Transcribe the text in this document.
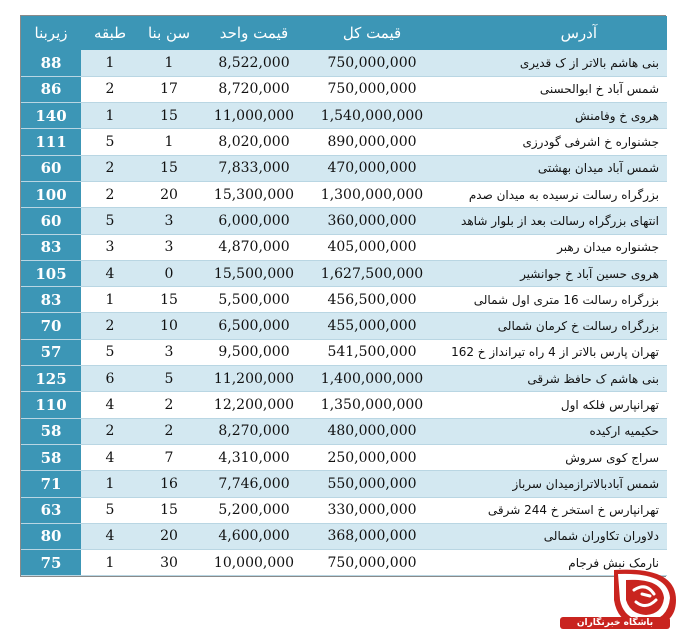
زیربنا	طبقه	سن بنا	قیمت واحد	قیمت کل	آدرس
88	1	1	8,522,000	750,000,000	بنی هاشم بالاتر از ک قدیری
86	2	17	8,720,000	750,000,000	شمس آباد خ ابوالحسنی
140	1	15	11,000,000	1,540,000,000	هروی خ وفامنش
111	5	1	8,020,000	890,000,000	جشنواره خ اشرفی گودرزی
60	2	15	7,833,000	470,000,000	شمس آباد میدان بهشتی
100	2	20	15,300,000	1,300,000,000	بزرگراه رسالت نرسیده به میدان صدم
60	5	3	6,000,000	360,000,000	انتهای بزرگراه رسالت بعد از بلوار شاهد
83	3	3	4,870,000	405,000,000	جشنواره میدان رهبر
105	4	0	15,500,000	1,627,500,000	هروی حسین آباد خ جوانشیر
83	1	15	5,500,000	456,500,000	بزرگراه رسالت 16 متری اول شمالی
70	2	10	6,500,000	455,000,000	بزرگراه رسالت خ کرمان شمالی
57	5	3	9,500,000	541,500,000	تهران پارس بالاتر از 4 راه تیرانداز خ 162
125	6	5	11,200,000	1,400,000,000	بنی هاشم ک حافظ شرقی
110	4	2	12,200,000	1,350,000,000	تهرانپارس فلکه اول
58	2	2	8,270,000	480,000,000	حکیمیه ارکیده
58	4	7	4,310,000	250,000,000	سراج کوی سروش
71	1	16	7,746,000	550,000,000	شمس آبادبالاترازمیدان سرباز
63	5	15	5,200,000	330,000,000	تهرانپارس خ استخر خ 244 شرقی
80	4	20	4,600,000	368,000,000	دلاوران تکاوران شمالی
75	1	30	10,000,000	750,000,000	نارمک نبش فرجام
باشگاه خبرنگاران
